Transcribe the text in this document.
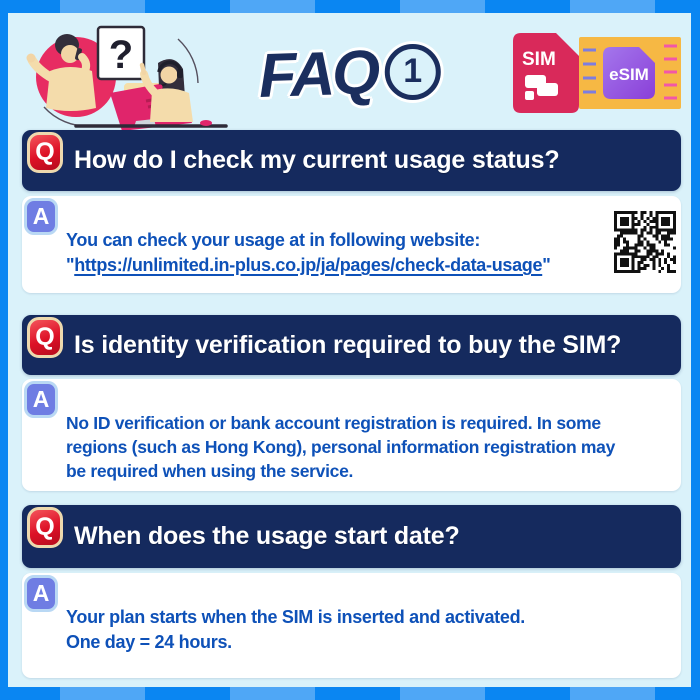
? FAQ 1	SIM
eSIM
Q How do I check my current usage status?
A
You can check your usage at in following website:
"https://unlimited.in-plus.co.jp/ja/pages/check-data-usage"
Q Is identity verification required to buy the SIM?
A
No ID verification or bank account registration is required. In some
regions (such as Hong Kong), personal information registration may
be required when using the service.
Q When does the usage start date?
A
Your plan starts when the SIM is inserted and activated.
One day = 24 hours.
